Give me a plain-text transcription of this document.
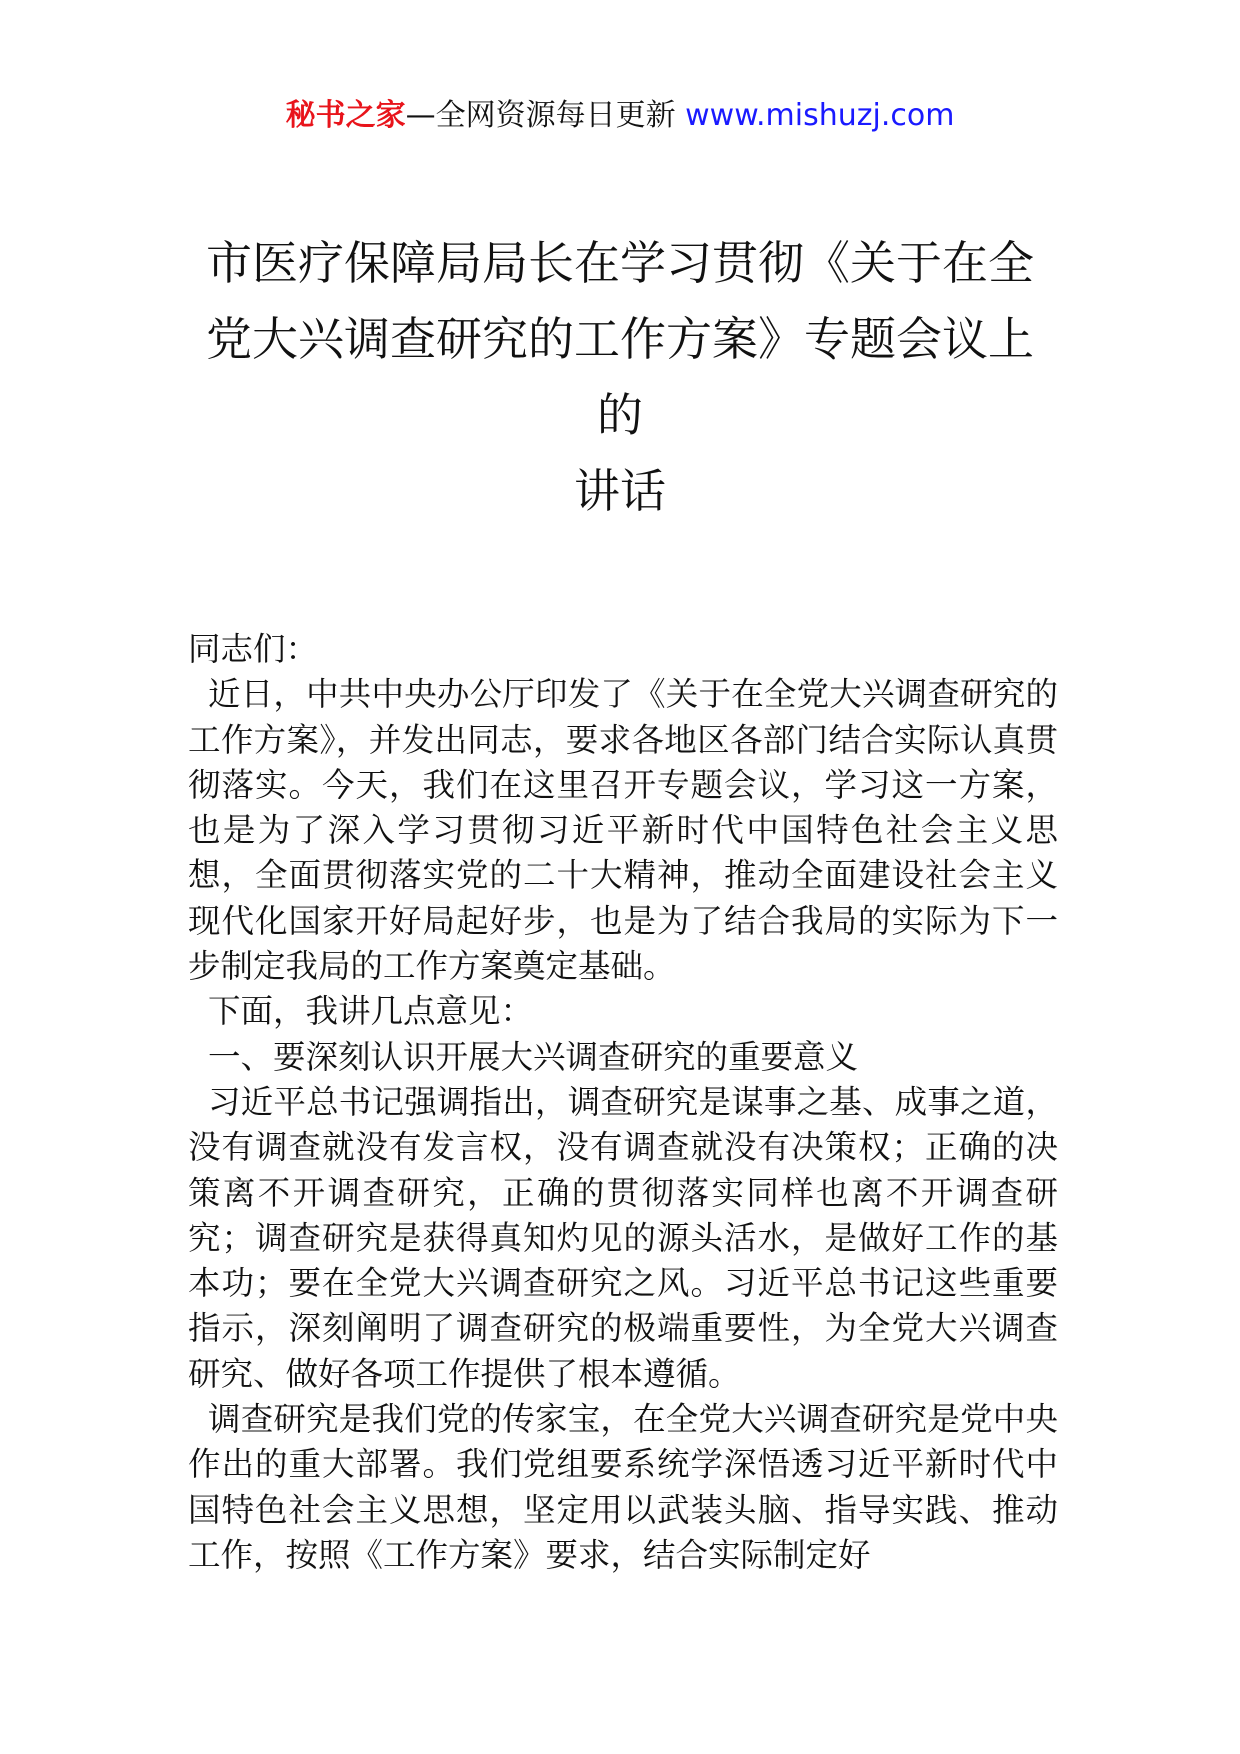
秘书之家—全网资源每日更新 www.mishuzj.com
市医疗保障局局长在学习贯彻《关于在全
党大兴调查研究的工作方案》专题会议上
的
讲话

同志们：

近日，中共中央办公厅印发了《关于在全党大兴调查研究的工作方案》，并发出同志，要求各地区各部门结合实际认真贯彻落实。今天，我们在这里召开专题会议，学习这一方案，也是为了深入学习贯彻习近平新时代中国特色社会主义思想，全面贯彻落实党的二十大精神，推动全面建设社会主义现代化国家开好局起好步，也是为了结合我局的实际为下一步制定我局的工作方案奠定基础。

下面，我讲几点意见：

一、要深刻认识开展大兴调查研究的重要意义

习近平总书记强调指出，调查研究是谋事之基、成事之道，没有调查就没有发言权，没有调查就没有决策权；正确的决策离不开调查研究，正确的贯彻落实同样也离不开调查研究；调查研究是获得真知灼见的源头活水，是做好工作的基本功；要在全党大兴调查研究之风。习近平总书记这些重要指示，深刻阐明了调查研究的极端重要性，为全党大兴调查研究、做好各项工作提供了根本遵循。

调查研究是我们党的传家宝，在全党大兴调查研究是党中央作出的重大部署。我们党组要系统学深悟透习近平新时代中国特色社会主义思想，坚定用以武装头脑、指导实践、推动工作，按照《工作方案》要求，结合实际制定好
